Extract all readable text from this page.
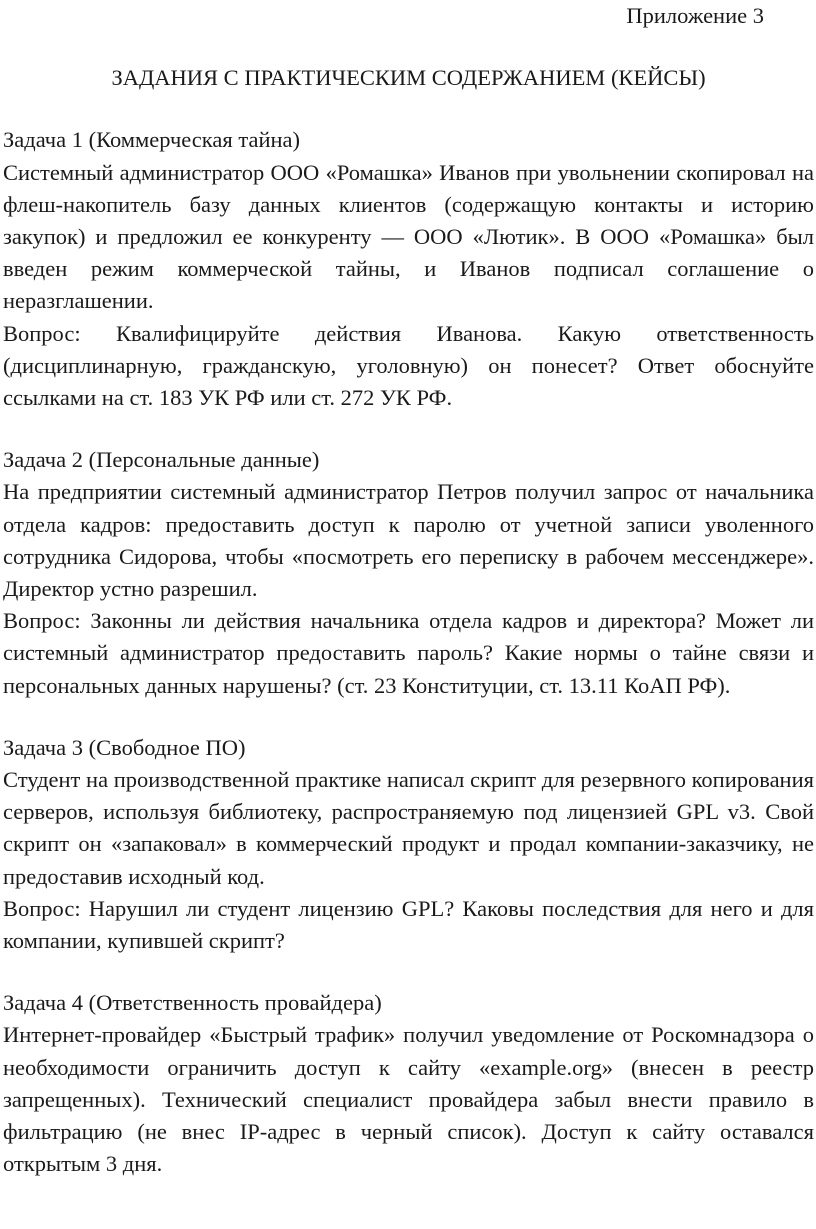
Приложение 3
ЗАДАНИЯ С ПРАКТИЧЕСКИМ СОДЕРЖАНИЕМ (КЕЙСЫ)
Задача 1 (Коммерческая тайна)

Системный администратор ООО «Ромашка» Иванов при увольнении скопировал на флеш-накопитель базу данных клиентов (содержащую контакты и историю закупок) и предложил ее конкуренту — ООО «Лютик». В ООО «Ромашка» был введен режим коммерческой тайны, и Иванов подписал соглашение о неразглашении.

Вопрос: Квалифицируйте действия Иванова. Какую ответственность (дисциплинарную, гражданскую, уголовную) он понесет? Ответ обоснуйте ссылками на ст. 183 УК РФ или ст. 272 УК РФ.

Задача 2 (Персональные данные)

На предприятии системный администратор Петров получил запрос от начальника отдела кадров: предоставить доступ к паролю от учетной записи уволенного сотрудника Сидорова, чтобы «посмотреть его переписку в рабочем мессенджере». Директор устно разрешил.

Вопрос: Законны ли действия начальника отдела кадров и директора? Может ли системный администратор предоставить пароль? Какие нормы о тайне связи и персональных данных нарушены? (ст. 23 Конституции, ст. 13.11 КоАП РФ).

Задача 3 (Свободное ПО)

Студент на производственной практике написал скрипт для резервного копирования серверов, используя библиотеку, распространяемую под лицензией GPL v3. Свой скрипт он «запаковал» в коммерческий продукт и продал компании-заказчику, не предоставив исходный код.

Вопрос: Нарушил ли студент лицензию GPL? Каковы последствия для него и для компании, купившей скрипт?

Задача 4 (Ответственность провайдера)

Интернет-провайдер «Быстрый трафик» получил уведомление от Роскомнадзора о необходимости ограничить доступ к сайту «example.org» (внесен в реестр запрещенных). Технический специалист провайдера забыл внести правило в фильтрацию (не внес IP-адрес в черный список). Доступ к сайту оставался открытым 3 дня.
